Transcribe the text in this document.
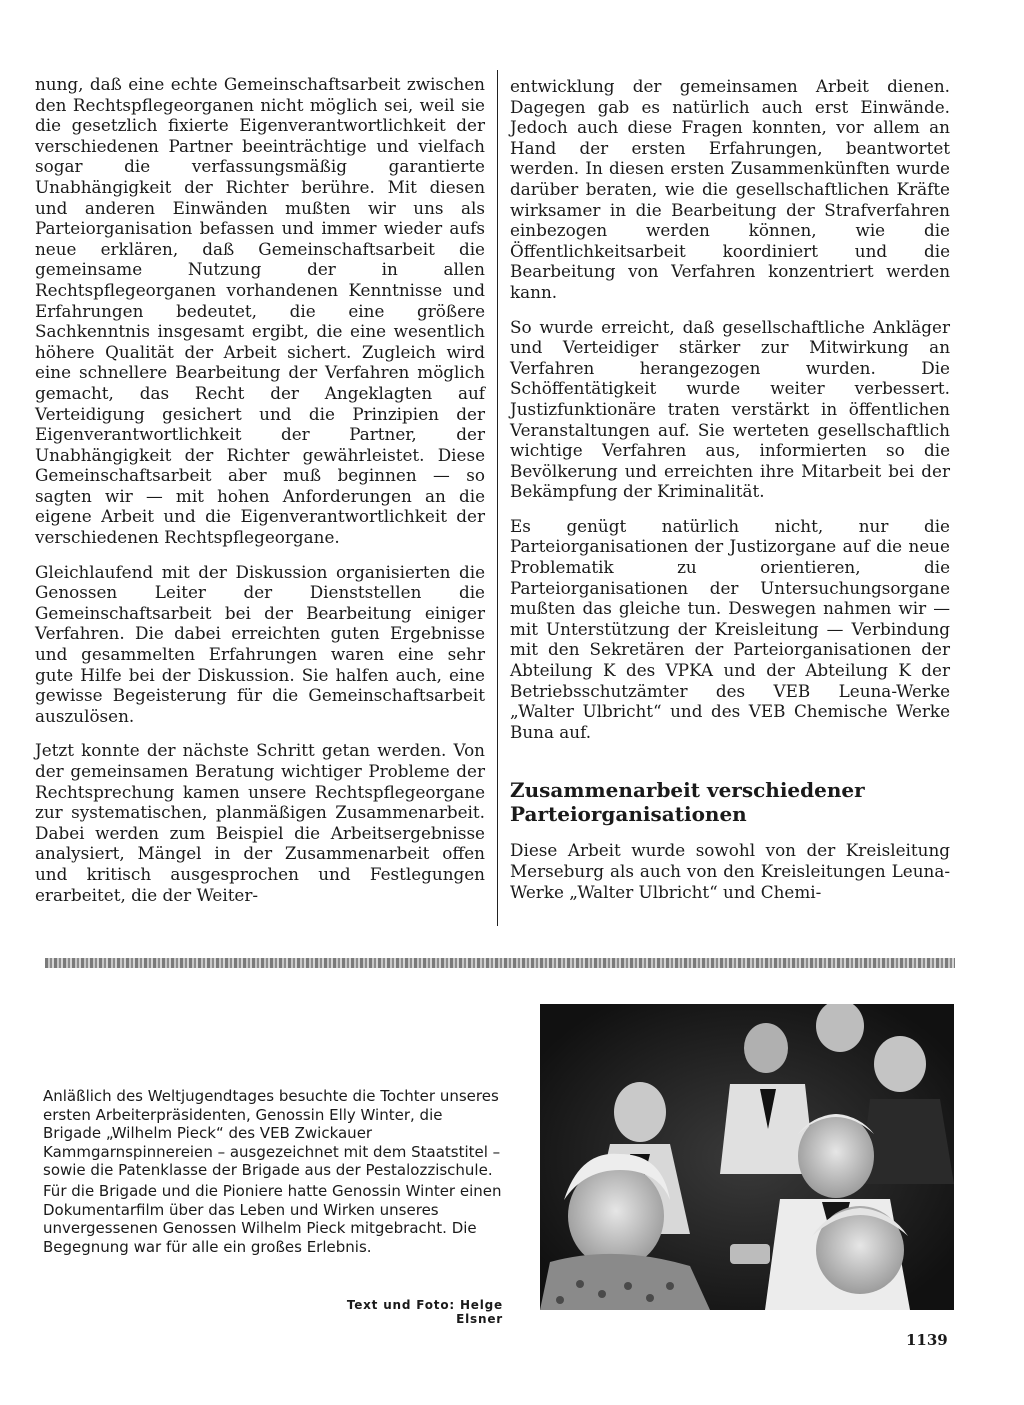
nung, daß eine echte Gemeinschaftsarbeit zwischen den Rechtspflegeorganen nicht möglich sei, weil sie die gesetzlich fixierte Eigenverantwortlichkeit der verschiedenen Partner beeinträchtige und vielfach sogar die verfassungsmäßig garantierte Unabhängigkeit der Richter berühre. Mit diesen und anderen Einwänden mußten wir uns als Parteiorganisation befassen und immer wieder aufs neue erklären, daß Gemeinschaftsarbeit die gemeinsame Nutzung der in allen Rechtspflegeorganen vorhandenen Kenntnisse und Erfahrungen bedeutet, die eine größere Sachkenntnis insgesamt ergibt, die eine wesentlich höhere Qualität der Arbeit sichert. Zugleich wird eine schnellere Bearbeitung der Verfahren möglich gemacht, das Recht der Angeklagten auf Verteidigung gesichert und die Prinzipien der Eigenverantwortlichkeit der Partner, der Unabhängigkeit der Richter gewährleistet. Diese Gemeinschaftsarbeit aber muß beginnen — so sagten wir — mit hohen Anforderungen an die eigene Arbeit und die Eigenverantwortlichkeit der verschiedenen Rechtspflegeorgane.

Gleichlaufend mit der Diskussion organisierten die Genossen Leiter der Dienststellen die Gemeinschaftsarbeit bei der Bearbeitung einiger Verfahren. Die dabei erreichten guten Ergebnisse und gesammelten Erfahrungen waren eine sehr gute Hilfe bei der Diskussion. Sie halfen auch, eine gewisse Begeisterung für die Gemeinschaftsarbeit auszulösen.

Jetzt konnte der nächste Schritt getan werden. Von der gemeinsamen Beratung wichtiger Probleme der Rechtsprechung kamen unsere Rechtspflegeorgane zur systematischen, planmäßigen Zusammenarbeit. Dabei werden zum Beispiel die Arbeitsergebnisse analysiert, Mängel in der Zusammenarbeit offen und kritisch ausgesprochen und Festlegungen erarbeitet, die der Weiter-

entwicklung der gemeinsamen Arbeit dienen. Dagegen gab es natürlich auch erst Einwände. Jedoch auch diese Fragen konnten, vor allem an Hand der ersten Erfahrungen, beantwortet werden. In diesen ersten Zusammenkünften wurde darüber beraten, wie die gesellschaftlichen Kräfte wirksamer in die Bearbeitung der Strafverfahren einbezogen werden können, wie die Öffentlichkeitsarbeit koordiniert und die Bearbeitung von Verfahren konzentriert werden kann.

So wurde erreicht, daß gesellschaftliche Ankläger und Verteidiger stärker zur Mitwirkung an Verfahren herangezogen wurden. Die Schöffentätigkeit wurde weiter verbessert. Justizfunktionäre traten verstärkt in öffentlichen Veranstaltungen auf. Sie werteten gesellschaftlich wichtige Verfahren aus, informierten so die Bevölkerung und erreichten ihre Mitarbeit bei der Bekämpfung der Kriminalität.

Es genügt natürlich nicht, nur die Parteiorganisationen der Justizorgane auf die neue Problematik zu orientieren, die Parteiorganisationen der Untersuchungsorgane mußten das gleiche tun. Deswegen nahmen wir — mit Unterstützung der Kreisleitung — Verbindung mit den Sekretären der Parteiorganisationen der Abteilung K des VPKA und der Abteilung K der Betriebsschutzämter des VEB Leuna-Werke „Walter Ulbricht“ und des VEB Chemische Werke Buna auf.

Zusammenarbeit verschiedener Parteiorganisationen

Diese Arbeit wurde sowohl von der Kreisleitung Merseburg als auch von den Kreisleitungen Leuna-Werke „Walter Ulbricht“ und Chemi-

Anläßlich des Weltjugendtages besuchte die Tochter unseres ersten Arbeiterpräsidenten, Genossin Elly Winter, die Brigade „Wilhelm Pieck“ des VEB Zwickauer Kammgarnspinnereien – ausgezeichnet mit dem Staatstitel – sowie die Patenklasse der Brigade aus der Pestalozzischule.

Für die Brigade und die Pioniere hatte Genossin Winter einen Dokumentarfilm über das Leben und Wirken unseres unvergessenen Genossen Wilhelm Pieck mitgebracht. Die Begegnung war für alle ein großes Erlebnis.

Text und Foto: Helge Elsner
1139
